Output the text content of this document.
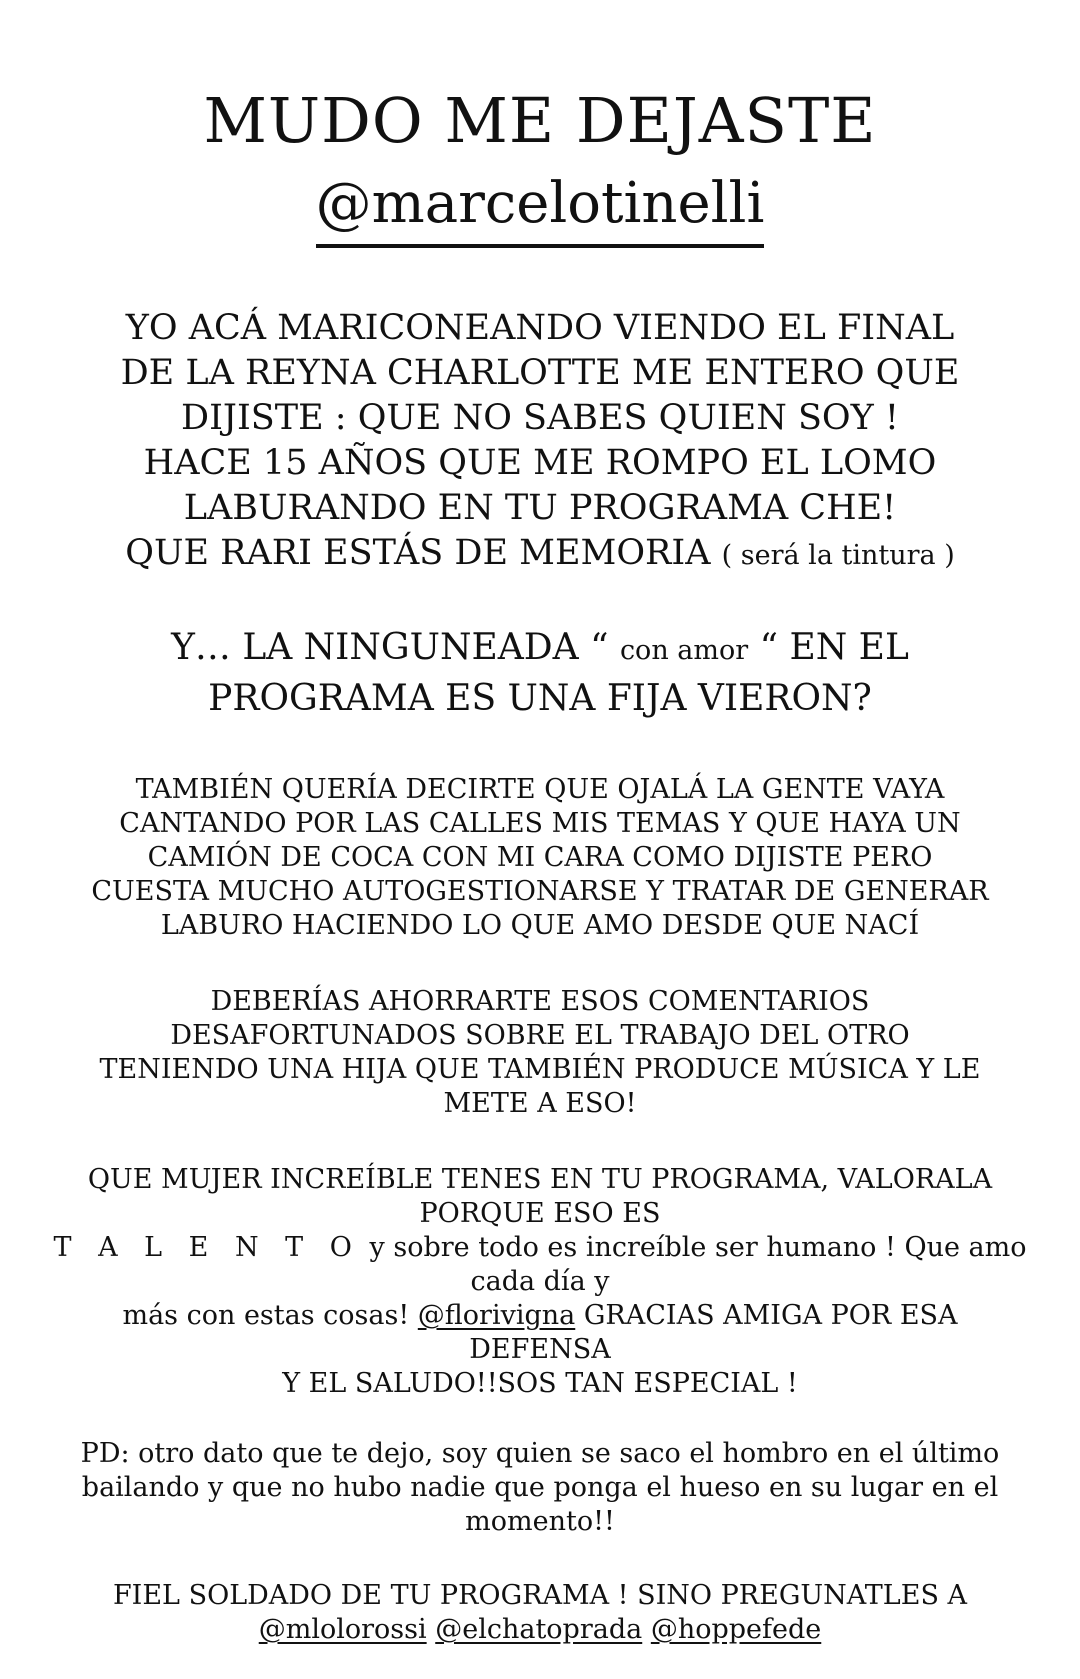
MUDO ME DEJASTE
@marcelotinelli
YO ACÁ MARICONEANDO VIENDO EL FINAL
DE LA REYNA CHARLOTTE ME ENTERO QUE
DIJISTE : QUE NO SABES QUIEN SOY !
HACE 15 AÑOS QUE ME ROMPO EL LOMO
LABURANDO EN TU PROGRAMA CHE!
QUE RARI ESTÁS DE MEMORIA ( será la tintura )
Y… LA NINGUNEADA “ con amor “ EN EL
PROGRAMA ES UNA FIJA VIERON?
TAMBIÉN QUERÍA DECIRTE QUE OJALÁ LA GENTE VAYA
CANTANDO POR LAS CALLES MIS TEMAS Y QUE HAYA UN
CAMIÓN DE COCA CON MI CARA COMO DIJISTE PERO
CUESTA MUCHO AUTOGESTIONARSE Y TRATAR DE GENERAR
LABURO HACIENDO LO QUE AMO DESDE QUE NACÍ
DEBERÍAS AHORRARTE ESOS COMENTARIOS
DESAFORTUNADOS SOBRE EL TRABAJO DEL OTRO
TENIENDO UNA HIJA QUE TAMBIÉN PRODUCE MÚSICA Y LE
METE A ESO!
QUE MUJER INCREÍBLE TENES EN TU PROGRAMA, VALORALA
PORQUE ESO ES
T A L E N T O y sobre todo es increíble ser humano ! Que amo cada día y
más con estas cosas! @florivigna GRACIAS AMIGA POR ESA DEFENSA
Y EL SALUDO!!SOS TAN ESPECIAL !
PD: otro dato que te dejo, soy quien se saco el hombro en el último
bailando y que no hubo nadie que ponga el hueso en su lugar en el
momento!!
FIEL SOLDADO DE TU PROGRAMA ! SINO PREGUNATLES A
@mlolorossi @elchatoprada @hoppefede
